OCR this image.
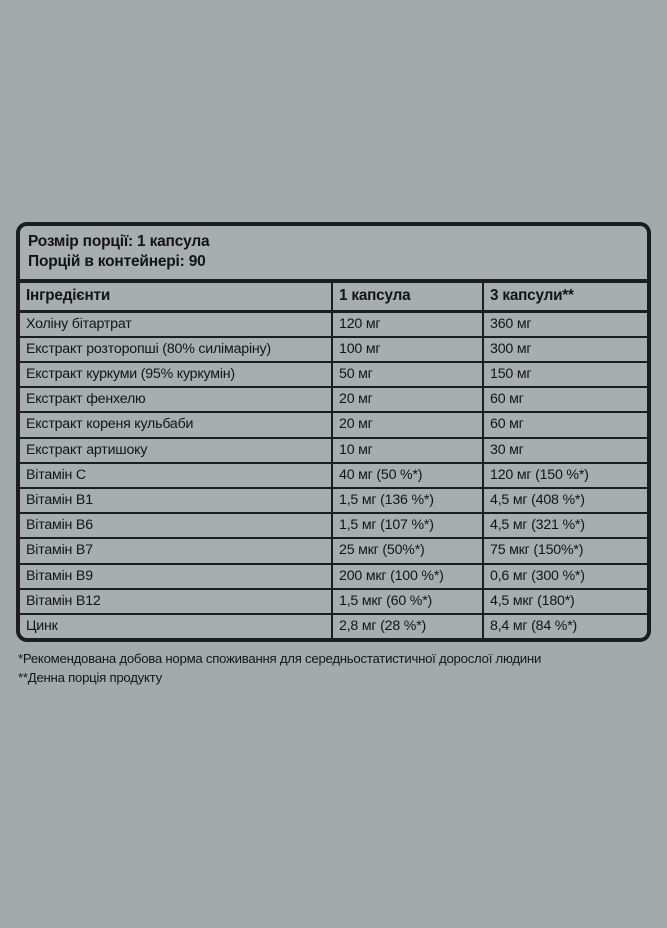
Розмір порції: 1 капсула
Порцій в контейнері: 90
Інгредієнти	1 капсула	3 капсули**
Холіну бітартрат	120 мг	360 мг
Екстракт розторопші (80% силімаріну)	100 мг	300 мг
Екстракт куркуми (95% куркумін)	50 мг	150 мг
Екстракт фенхелю	20 мг	60 мг
Екстракт кореня кульбаби	20 мг	60 мг
Екстракт артишоку	10 мг	30 мг
Вітамін C	40 мг (50 %*)	120 мг (150 %*)
Вітамін B1	1,5 мг (136 %*)	4,5 мг (408 %*)
Вітамін B6	1,5 мг (107 %*)	4,5 мг (321 %*)
Вітамін B7	25 мкг (50%*)	75 мкг (150%*)
Вітамін B9	200 мкг (100 %*)	0,6 мг (300 %*)
Вітамін B12	1,5 мкг (60 %*)	4,5 мкг (180*)
Цинк	2,8 мг (28 %*)	8,4 мг (84 %*)
*Рекомендована добова норма споживання для середньостатистичної дорослої людини
**Денна порція продукту
